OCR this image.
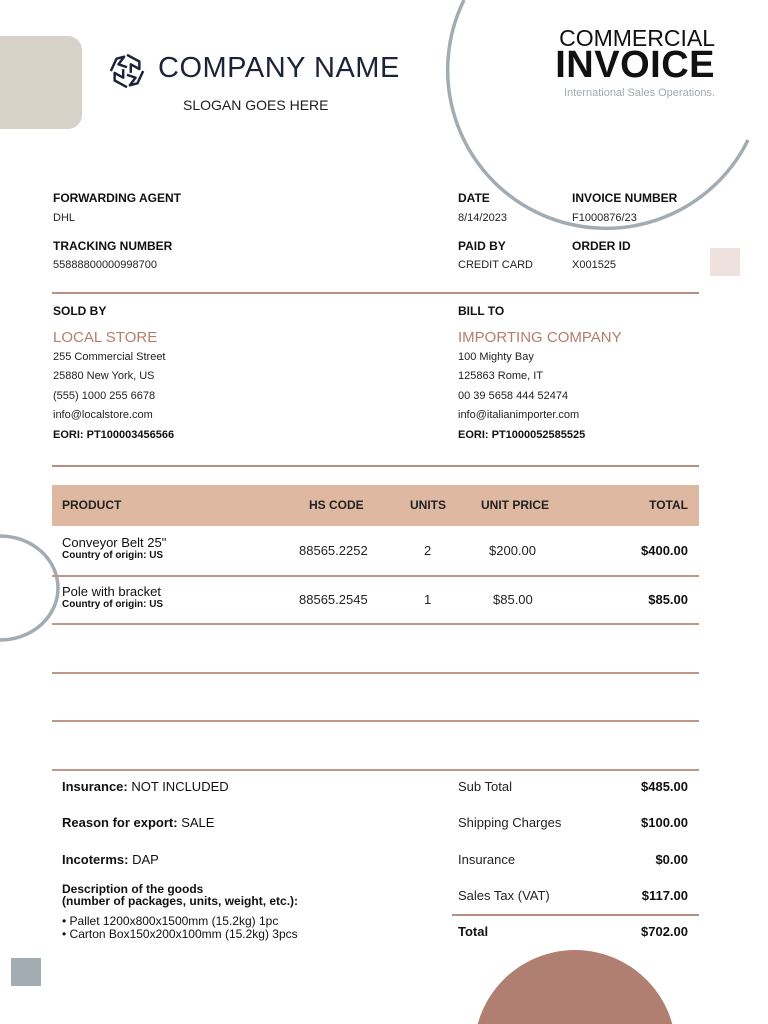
COMPANY NAME
SLOGAN GOES HERE
COMMERCIAL
INVOICE
International Sales Operations.
FORWARDING AGENT
DHL
TRACKING NUMBER
55888800000998700
DATE
8/14/2023
INVOICE NUMBER
F1000876/23
PAID BY
CREDIT CARD
ORDER ID
X001525
SOLD BY
LOCAL STORE
255 Commercial Street
25880 New York, US
(555) 1000 255 6678
info@localstore.com
EORI: PT100003456566
BILL TO
IMPORTING COMPANY
100 Mighty Bay
125863 Rome, IT
00 39 5658 444 52474
info@italianimporter.com
EORI: PT1000052585525
PRODUCT	HS CODE	UNITS	UNIT PRICE	TOTAL
Conveyor Belt 25"
Country of origin: US	88565.2252	2	$200.00	$400.00
Pole with bracket
Country of origin: US	88565.2545	1	$85.00	$85.00
Insurance: NOT INCLUDED
Reason for export: SALE
Incoterms: DAP
Description of the goods
(number of packages, units, weight, etc.):
• Pallet 1200x800x1500mm (15.2kg) 1pc
• Carton Box150x200x100mm (15.2kg) 3pcs
Sub Total	$485.00
Shipping Charges	$100.00
Insurance	$0.00
Sales Tax (VAT)	$117.00
Total	$702.00
